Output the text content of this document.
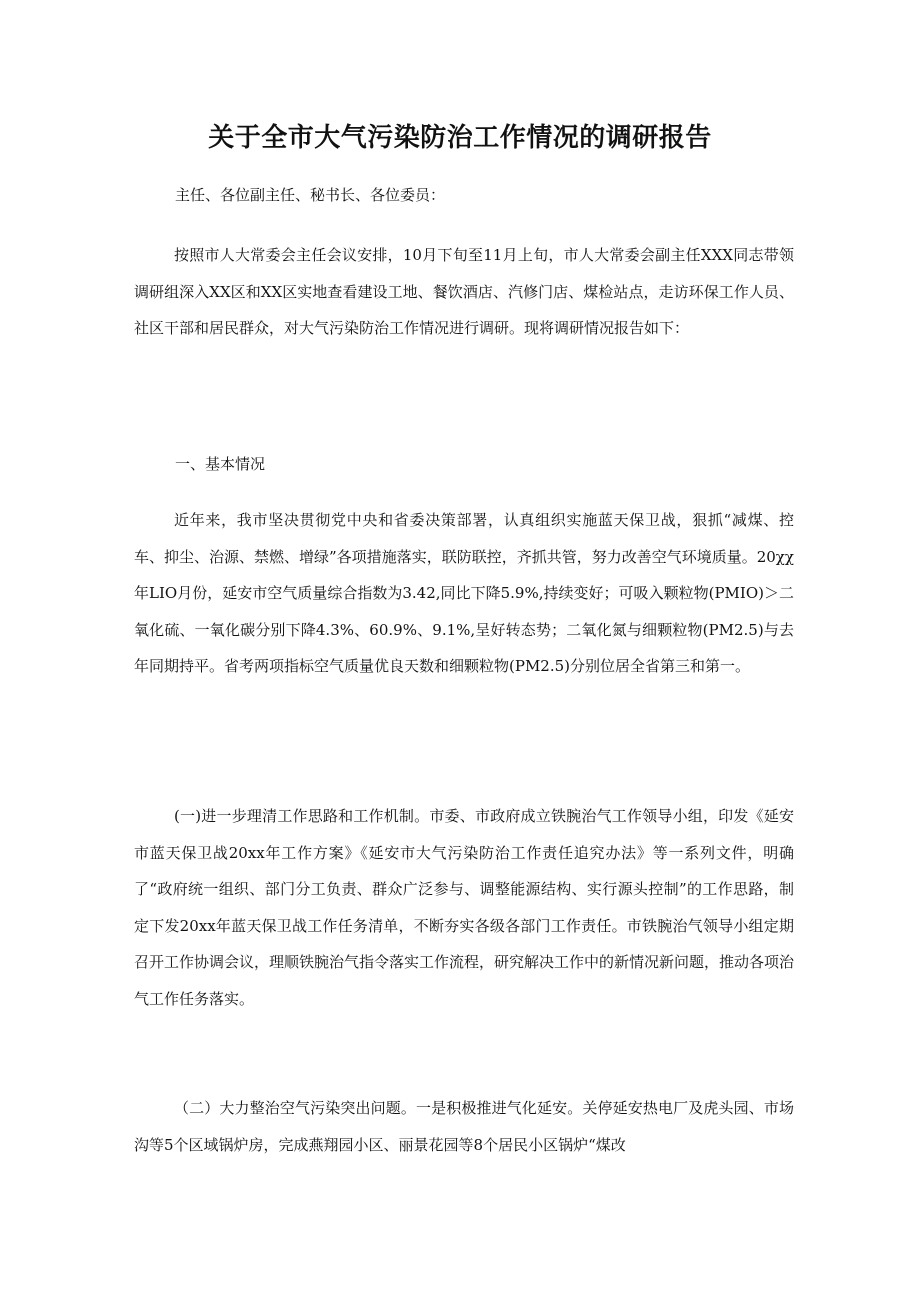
关于全市大气污染防治工作情况的调研报告

主任、各位副主任、秘书长、各位委员：

按照市人大常委会主任会议安排，10月下旬至11月上旬，市人大常委会副主任XXX同志带领调研组深入XX区和XX区实地查看建设工地、餐饮酒店、汽修门店、煤检站点，走访环保工作人员、社区干部和居民群众，对大气污染防治工作情况进行调研。现将调研情况报告如下：

一、基本情况

近年来，我市坚决贯彻党中央和省委决策部署，认真组织实施蓝天保卫战，狠抓“减煤、控车、抑尘、治源、禁燃、增绿”各项措施落实，联防联控，齐抓共管，努力改善空气环境质量。20χχ年LIO月份，延安市空气质量综合指数为3.42,同比下降5.9%,持续变好；可吸入颗粒物(PMIO)＞二氧化硫、一氧化碳分别下降4.3%、60.9%、9.1%,呈好转态势；二氧化氮与细颗粒物(PM2.5)与去年同期持平。省考两项指标空气质量优良天数和细颗粒物(PM2.5)分别位居全省第三和第一。

(一)进一步理清工作思路和工作机制。市委、市政府成立铁腕治气工作领导小组，印发《延安市蓝天保卫战20xx年工作方案》《延安市大气污染防治工作责任追究办法》等一系列文件，明确了“政府统一组织、部门分工负责、群众广泛参与、调整能源结构、实行源头控制”的工作思路，制定下发20xx年蓝天保卫战工作任务清单，不断夯实各级各部门工作责任。市铁腕治气领导小组定期召开工作协调会议，理顺铁腕治气指令落实工作流程，研究解决工作中的新情况新问题，推动各项治气工作任务落实。

（二）大力整治空气污染突出问题。一是积极推进气化延安。关停延安热电厂及虎头园、市场沟等5个区域锅炉房，完成燕翔园小区、丽景花园等8个居民小区锅炉“煤改
